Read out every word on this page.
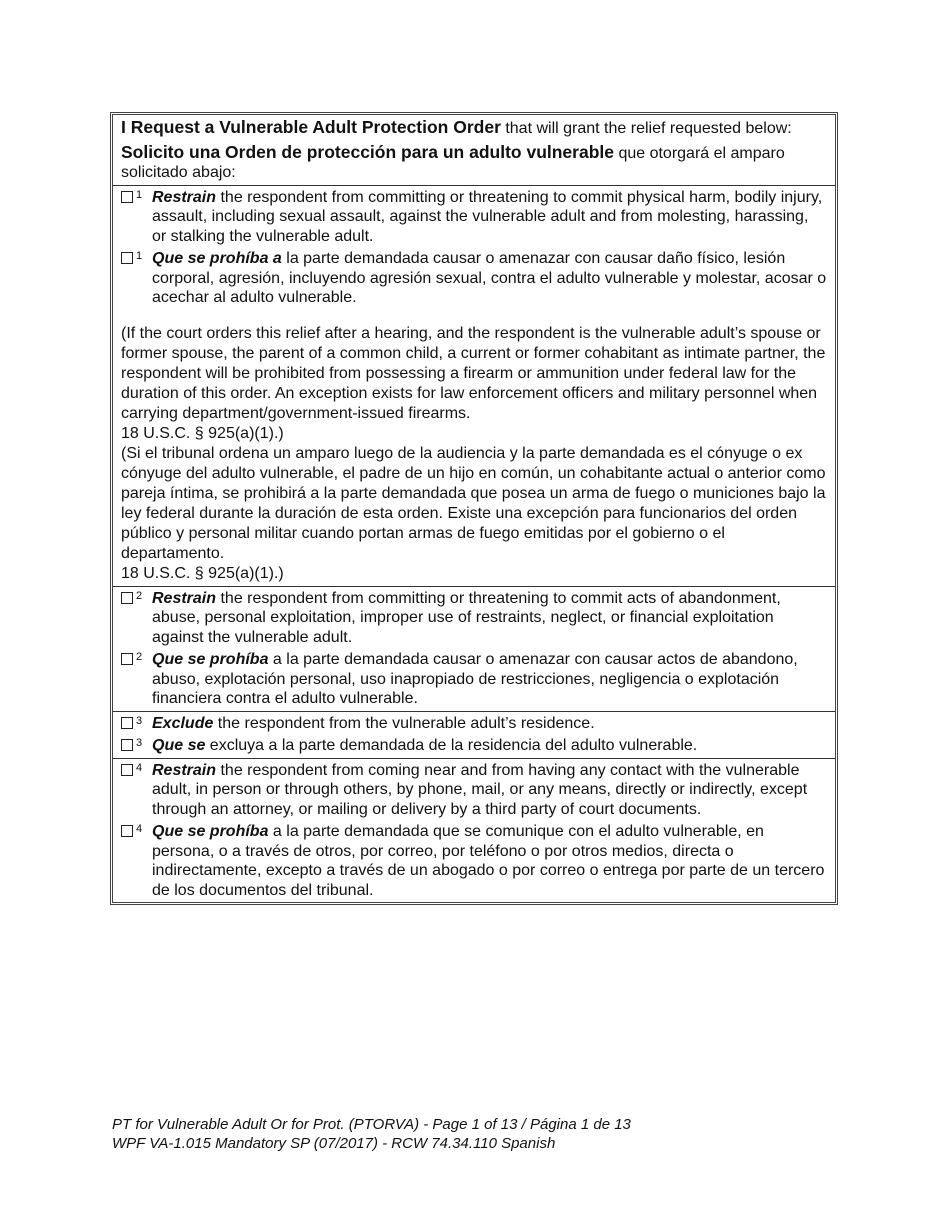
I Request a Vulnerable Adult Protection Order that will grant the relief requested below:

Solicito una Orden de protección para un adulto vulnerable que otorgará el amparo solicitado abajo:

1 Restrain the respondent from committing or threatening to commit physical harm, bodily injury, assault, including sexual assault, against the vulnerable adult and from molesting, harassing, or stalking the vulnerable adult.
1 Que se prohíba a la parte demandada causar o amenazar con causar daño físico, lesión corporal, agresión, incluyendo agresión sexual, contra el adulto vulnerable y molestar, acosar o acechar al adulto vulnerable.

(If the court orders this relief after a hearing, and the respondent is the vulnerable adult’s spouse or former spouse, the parent of a common child, a current or former cohabitant as intimate partner, the respondent will be prohibited from possessing a firearm or ammunition under federal law for the duration of this order. An exception exists for law enforcement officers and military personnel when carrying department/government-issued firearms.

18 U.S.C. § 925(a)(1).)

(Si el tribunal ordena un amparo luego de la audiencia y la parte demandada es el cónyuge o ex cónyuge del adulto vulnerable, el padre de un hijo en común, un cohabitante actual o anterior como pareja íntima, se prohibirá a la parte demandada que posea un arma de fuego o municiones bajo la ley federal durante la duración de esta orden. Existe una excepción para funcionarios del orden público y personal militar cuando portan armas de fuego emitidas por el gobierno o el departamento.

18 U.S.C. § 925(a)(1).)

2 Restrain the respondent from committing or threatening to commit acts of abandonment, abuse, personal exploitation, improper use of restraints, neglect, or financial exploitation against the vulnerable adult.
2 Que se prohíba a la parte demandada causar o amenazar con causar actos de abandono, abuso, explotación personal, uso inapropiado de restricciones, negligencia o explotación financiera contra el adulto vulnerable.
3 Exclude the respondent from the vulnerable adult’s residence.
3 Que se excluya a la parte demandada de la residencia del adulto vulnerable.
4 Restrain the respondent from coming near and from having any contact with the vulnerable adult, in person or through others, by phone, mail, or any means, directly or indirectly, except through an attorney, or mailing or delivery by a third party of court documents.
4 Que se prohíba a la parte demandada que se comunique con el adulto vulnerable, en persona, o a través de otros, por correo, por teléfono o por otros medios, directa o indirectamente, excepto a través de un abogado o por correo o entrega por parte de un tercero de los documentos del tribunal.

PT for Vulnerable Adult Or for Prot. (PTORVA) - Page 1 of 13 / Página 1 de 13

WPF VA-1.015 Mandatory SP (07/2017) - RCW 74.34.110 Spanish
